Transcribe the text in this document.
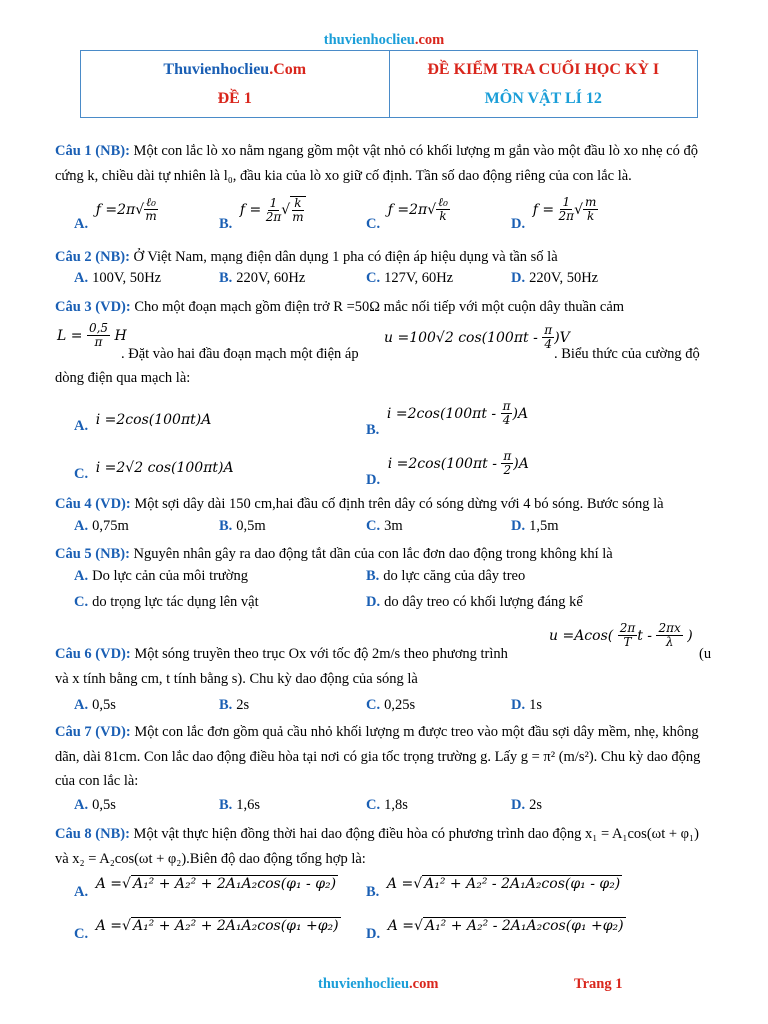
thuvienhoclieu.com
Thuvienhoclieu.Com
ĐỀ 1
ĐỀ KIỂM TRA CUỐI HỌC KỲ I
MÔN VẬT LÍ 12
Câu 1 (NB): Một con lắc lò xo nằm ngang gồm một vật nhỏ có khối lượng m gắn vào một đầu lò xo nhẹ có độ cứng k, chiều dài tự nhiên là l₀, đầu kia của lò xo giữ cố định. Tần số dao động riêng của con lắc là.
A. ƒ $=2\pi√ \frac{\text{ℓ₀}}{m}$
B. $f = \frac{1}{2\pi}$ √ $\frac{k}{m}$	C. ƒ $=2\pi√ \frac{\text{ℓ₀}}{k}$
D. $f = \frac{1}{2\pi}$ √ $\frac{m}{k}$
Câu 2 (NB): Ở Việt Nam, mạng điện dân dụng 1 pha có điện áp hiệu dụng và tần số là
A. 100V, 50Hz	B. 220V, 60Hz	C. 127V, 60Hz	D. 220V, 50Hz
Câu 3 (VD): Cho một đoạn mạch gồm điện trở R =50Ω mắc nối tiếp với một cuộn dây thuần cảm
$L = \frac{0,5}{\pi}$ H
. Đặt vào hai đầu đoạn mạch một điện áp
u =100√2 $\cos(100\pi t - \frac{\pi}{4} )V$
. Biểu thức của cường độ
dòng điện qua mạch là:
A. i =2cos(100πt)A
B. $i =2\cos(100\pi t - \frac{\pi}{4} )A$
C. i =2√2 cos(100πt)A
D. $i =2\cos(100\pi t - \frac{\pi}{2} )A$
Câu 4 (VD): Một sợi dây dài 150 cm,hai đầu cố định trên dây có sóng dừng với 4 bó sóng. Bước sóng là
A. 0,75m	B. 0,5m	C. 3m	D. 1,5m
Câu 5 (NB): Nguyên nhân gây ra dao động tắt dần của con lắc đơn dao động trong không khí là
A. Do lực cản của môi trường	B. do lực căng của dây treo
C. do trọng lực tác dụng lên vật	D. do dây treo có khối lượng đáng kể
$u =Acos( \frac{2\pi}{T}$ t - $\frac{2\pi x}{\lambda}$ )
Câu 6 (VD): Một sóng truyền theo trục Ox với tốc độ 2m/s theo phương trình	(u
và x tính bằng cm, t tính bằng s). Chu kỳ dao động của sóng là
A. 0,5s	B. 2s	C. 0,25s	D. 1s
Câu 7 (VD): Một con lắc đơn gồm quả cầu nhỏ khối lượng m được treo vào một đầu sợi dây mềm, nhẹ, không dãn, dài 81cm. Con lắc dao động điều hòa tại nơi có gia tốc trọng trường g. Lấy g = π² (m/s²). Chu kỳ dao động của con lắc là:
A. 0,5s	B. 1,6s	C. 1,8s	D. 2s
Câu 8 (NB): Một vật thực hiện đồng thời hai dao động điều hòa có phương trình dao động x₁ = A₁cos(ωt + φ₁) và x₂ = A₂cos(ωt + φ₂).Biên độ dao động tổng hợp là:
A. A =√ A₁² + A₂² + 2A₁A₂cos(φ₁ - φ₂) B. A =√ A₁² + A₂² - 2A₁A₂cos(φ₁ - φ₂)
C. A =√ A₁² + A₂² + 2A₁A₂cos(φ₁ +φ₂) D. A =√ A₁² + A₂² - 2A₁A₂cos(φ₁ +φ₂)
thuvienhoclieu.com	Trang 1
